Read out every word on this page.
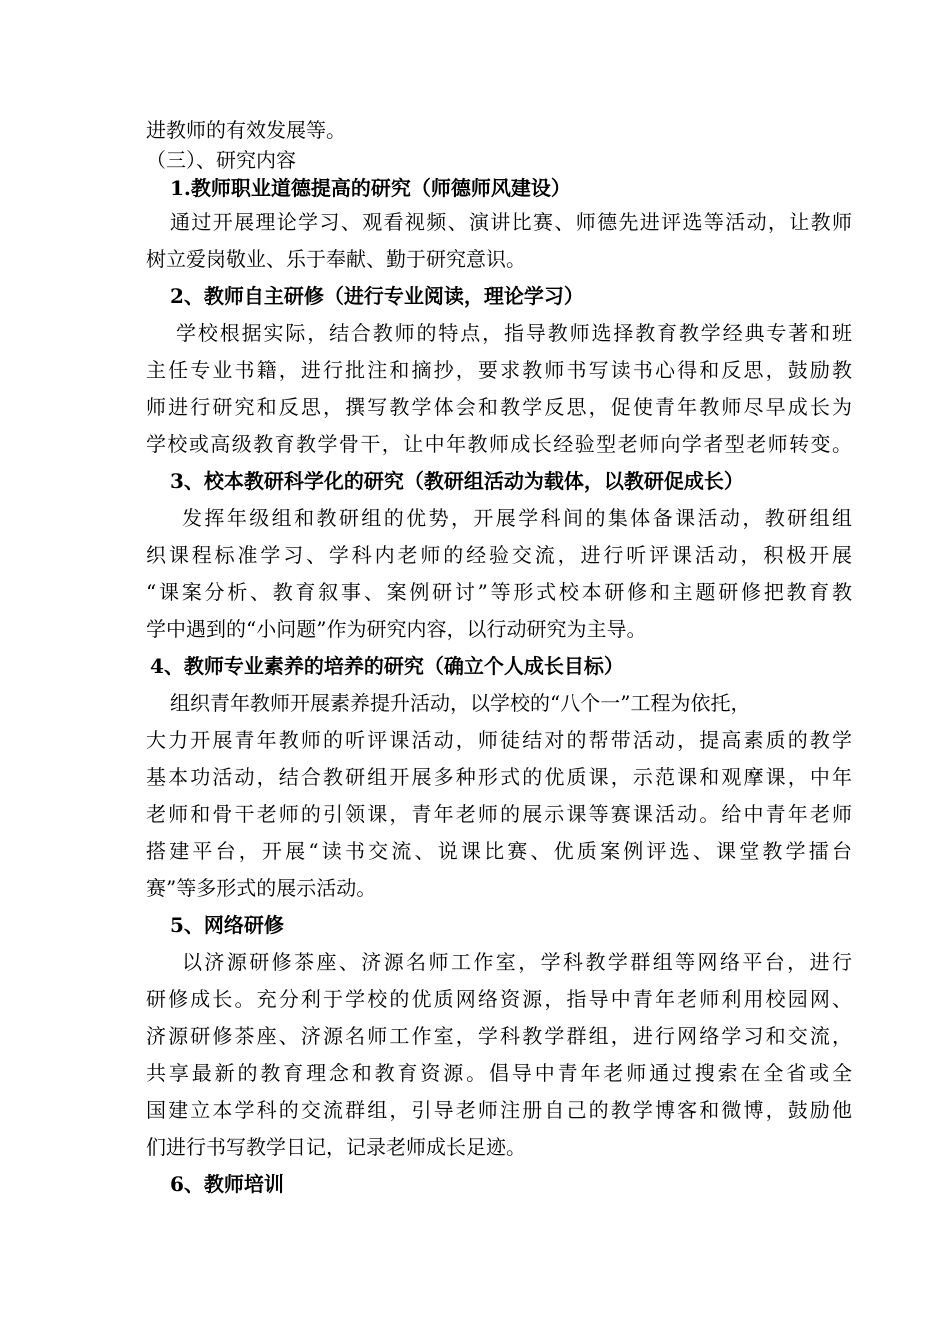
进教师的有效发展等。
（三）、研究内容
1.教师职业道德提高的研究（师德师风建设）
通过开展理论学习、观看视频、演讲比赛、师德先进评选等活动，让教师
树立爱岗敬业、乐于奉献、勤于研究意识。
2、教师自主研修（进行专业阅读，理论学习）
学校根据实际，结合教师的特点，指导教师选择教育教学经典专著和班
主任专业书籍，进行批注和摘抄，要求教师书写读书心得和反思，鼓励教
师进行研究和反思，撰写教学体会和教学反思，促使青年教师尽早成长为
学校或高级教育教学骨干，让中年教师成长经验型老师向学者型老师转变。
3、校本教研科学化的研究（教研组活动为载体，以教研促成长）
发挥年级组和教研组的优势，开展学科间的集体备课活动，教研组组
织课程标准学习、学科内老师的经验交流，进行听评课活动，积极开展
“课案分析、教育叙事、案例研讨”等形式校本研修和主题研修把教育教
学中遇到的“小问题”作为研究内容，以行动研究为主导。
4、教师专业素养的培养的研究（确立个人成长目标）
组织青年教师开展素养提升活动，以学校的“八个一”工程为依托，
大力开展青年教师的听评课活动，师徒结对的帮带活动，提高素质的教学
基本功活动，结合教研组开展多种形式的优质课，示范课和观摩课，中年
老师和骨干老师的引领课，青年老师的展示课等赛课活动。给中青年老师
搭建平台，开展“读书交流、说课比赛、优质案例评选、课堂教学擂台
赛”等多形式的展示活动。
5、网络研修
以济源研修茶座、济源名师工作室，学科教学群组等网络平台，进行
研修成长。充分利于学校的优质网络资源，指导中青年老师利用校园网、
济源研修茶座、济源名师工作室，学科教学群组，进行网络学习和交流，
共享最新的教育理念和教育资源。倡导中青年老师通过搜索在全省或全
国建立本学科的交流群组，引导老师注册自己的教学博客和微博，鼓励他
们进行书写教学日记，记录老师成长足迹。
6、教师培训
